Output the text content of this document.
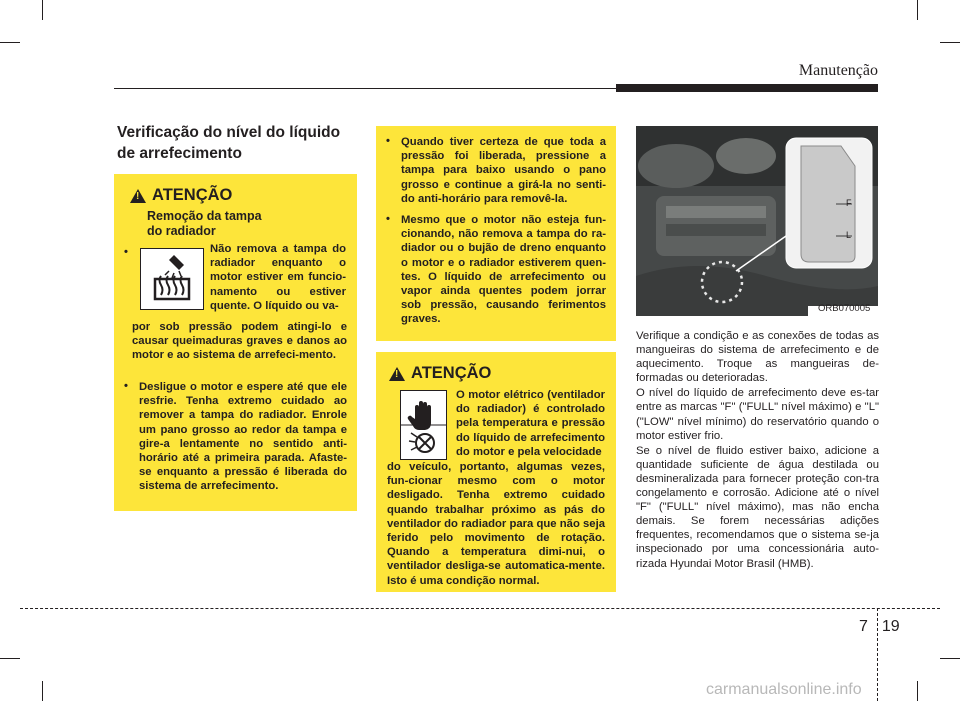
Manutenção
Verificação do nível do líquido de arrefecimento
!
ATENÇÃO
Remoção da tampa do radiador
•	Não remova a tampa do radiador enquanto o motor estiver em funcio-namento ou estiver quente. O líquido ou va-
por sob pressão podem atingi-lo e causar queimaduras graves e danos ao motor e ao sistema de arrefeci-mento.
• Desligue o motor e espere até que ele resfrie. Tenha extremo cuidado ao remover a tampa do radiador. Enrole um pano grosso ao redor da tampa e gire-a lentamente no sentido anti-horário até a primeira parada. Afaste-se enquanto a pressão é liberada do sistema de arrefecimento.
• Quando tiver certeza de que toda a pressão foi liberada, pressione a tampa para baixo usando o pano grosso e continue a girá-la no senti-do anti-horário para removê-la.
• Mesmo que o motor não esteja fun-cionando, não remova a tampa do ra-diador ou o bujão de dreno enquanto o motor e o radiador estiverem quen-tes. O líquido de arrefecimento ou vapor ainda quentes podem jorrar sob pressão, causando ferimentos graves.
!
ATENÇÃO
O motor elétrico (ventilador do radiador) é controlado pela temperatura e pressão do líquido de arrefecimento do motor e pela velocidade
do veículo, portanto, algumas vezes, fun-cionar mesmo com o motor desligado. Tenha extremo cuidado quando trabalhar próximo as pás do ventilador do radiador para que não seja ferido pelo movimento de rotação. Quando a temperatura dimi-nui, o ventilador desliga-se automatica-mente. Isto é uma condição normal.
F
L
ORB070005

Verifique a condição e as conexões de todas as mangueiras do sistema de arrefecimento e de aquecimento. Troque as mangueiras de-formadas ou deterioradas.

O nível do líquido de arrefecimento deve es-tar entre as marcas "F" ("FULL" nível máximo) e "L" ("LOW" nível mínimo) do reservatório quando o motor estiver frio.

Se o nível de fluido estiver baixo, adicione a quantidade suficiente de água destilada ou desmineralizada para fornecer proteção con-tra congelamento e corrosão. Adicione até o nível "F" ("FULL" nível máximo), mas não encha demais. Se forem necessárias adições frequentes, recomendamos que o sistema se-ja inspecionado por uma concessionária auto-rizada Hyundai Motor Brasil (HMB).

7 19
carmanualsonline.info
